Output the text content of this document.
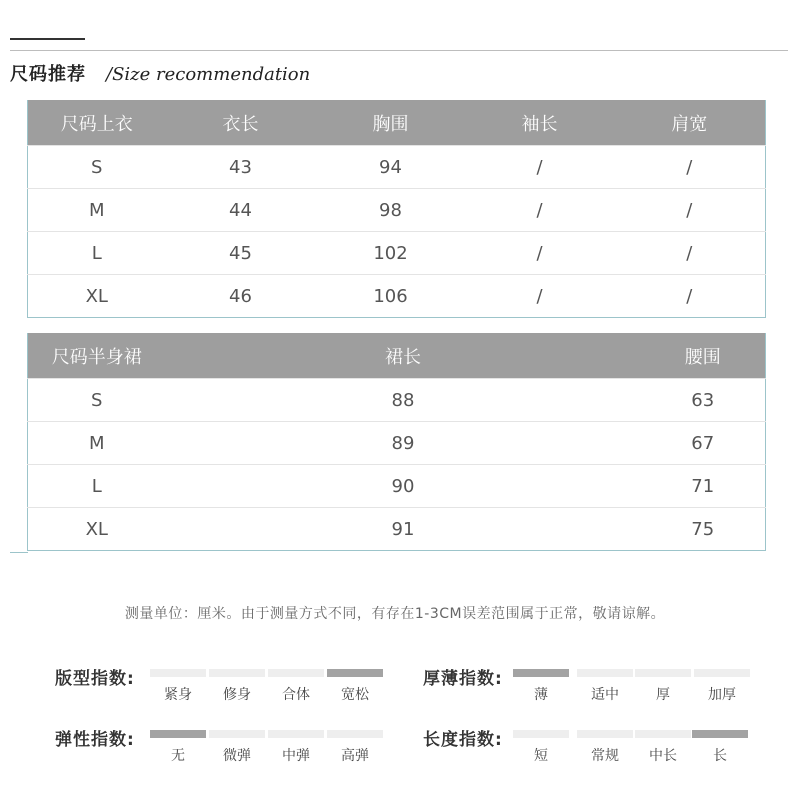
尺码推荐 /Size recommendation
尺码上衣	衣长	胸围	袖长	肩宽
S	43	94	/	/
M	44	98	/	/
L	45	102	/	/
XL	46	106	/	/
尺码半身裙	裙长	腰围
S	88	63
M	89	67
L	90	71
XL	91	75
测量单位：厘米。由于测量方式不同，有存在1-3CM误差范围属于正常，敬请谅解。
版型指数:
紧身	修身	合体	宽松
厚薄指数:
薄	适中	厚	加厚
弹性指数:
无	微弹	中弹	高弹
长度指数:
短	常规	中长	长
